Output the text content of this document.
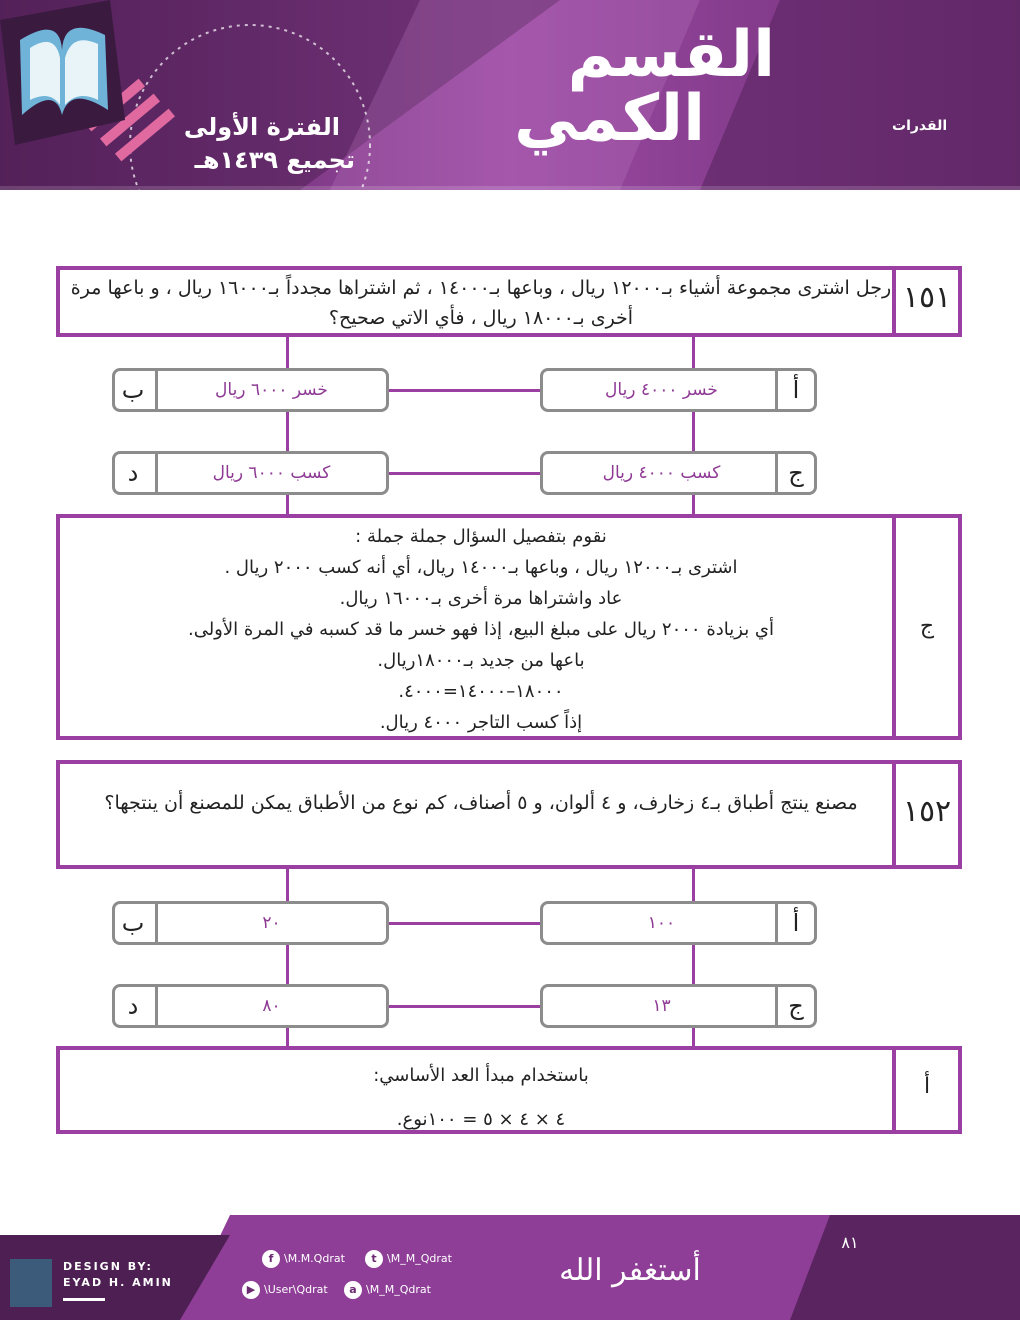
القسم
الكمي
الفترة الأولى
تجميع ١٤٣٩هـ
القدرات
رجل اشترى مجموعة أشياء بـ١٢٠٠٠ ريال ، وباعها بـ١٤٠٠٠ ، ثم اشتراها مجدداً بـ١٦٠٠٠ ريال ، و باعها مرة أخرى بـ١٨٠٠٠ ريال ، فأي الاتي صحيح؟
١٥١
خسر ٤٠٠٠ ريال	أ
ب	خسر ٦٠٠٠ ريال
كسب ٤٠٠٠ ريال	ج
د	كسب ٦٠٠٠ ريال
نقوم بتفصيل السؤال جملة جملة :
اشترى بـ١٢٠٠٠ ريال ، وباعها بـ١٤٠٠٠ ريال، أي أنه كسب ٢٠٠٠ ريال .
عاد واشتراها مرة أخرى بـ١٦٠٠٠ ريال.
أي بزيادة ٢٠٠٠ ريال على مبلغ البيع، إذا فهو خسر ما قد كسبه في المرة الأولى.
باعها من جديد بـ١٨٠٠٠ريال.
١٨٠٠٠–١٤٠٠٠=٤٠٠٠.
إذاً كسب التاجر ٤٠٠٠ ريال.
ج
مصنع ينتج أطباق بـ٤ زخارف، و ٤ ألوان، و ٥ أصناف، كم نوع من الأطباق يمكن للمصنع أن ينتجها؟	١٥٢
١٠٠	أ
ب	٢٠
١٣	ج
د	٨٠
باستخدام مبدأ العد الأساسي:
٤ × ٤ × ٥ = ١٠٠نوع.
أ
DESIGN BY:
EYAD H. AMIN
f \M.M.Qdrat	t \M_M_Qdrat
▶ \User\Qdrat	a \M_M_Qdrat
أستغفر الله
٨١
